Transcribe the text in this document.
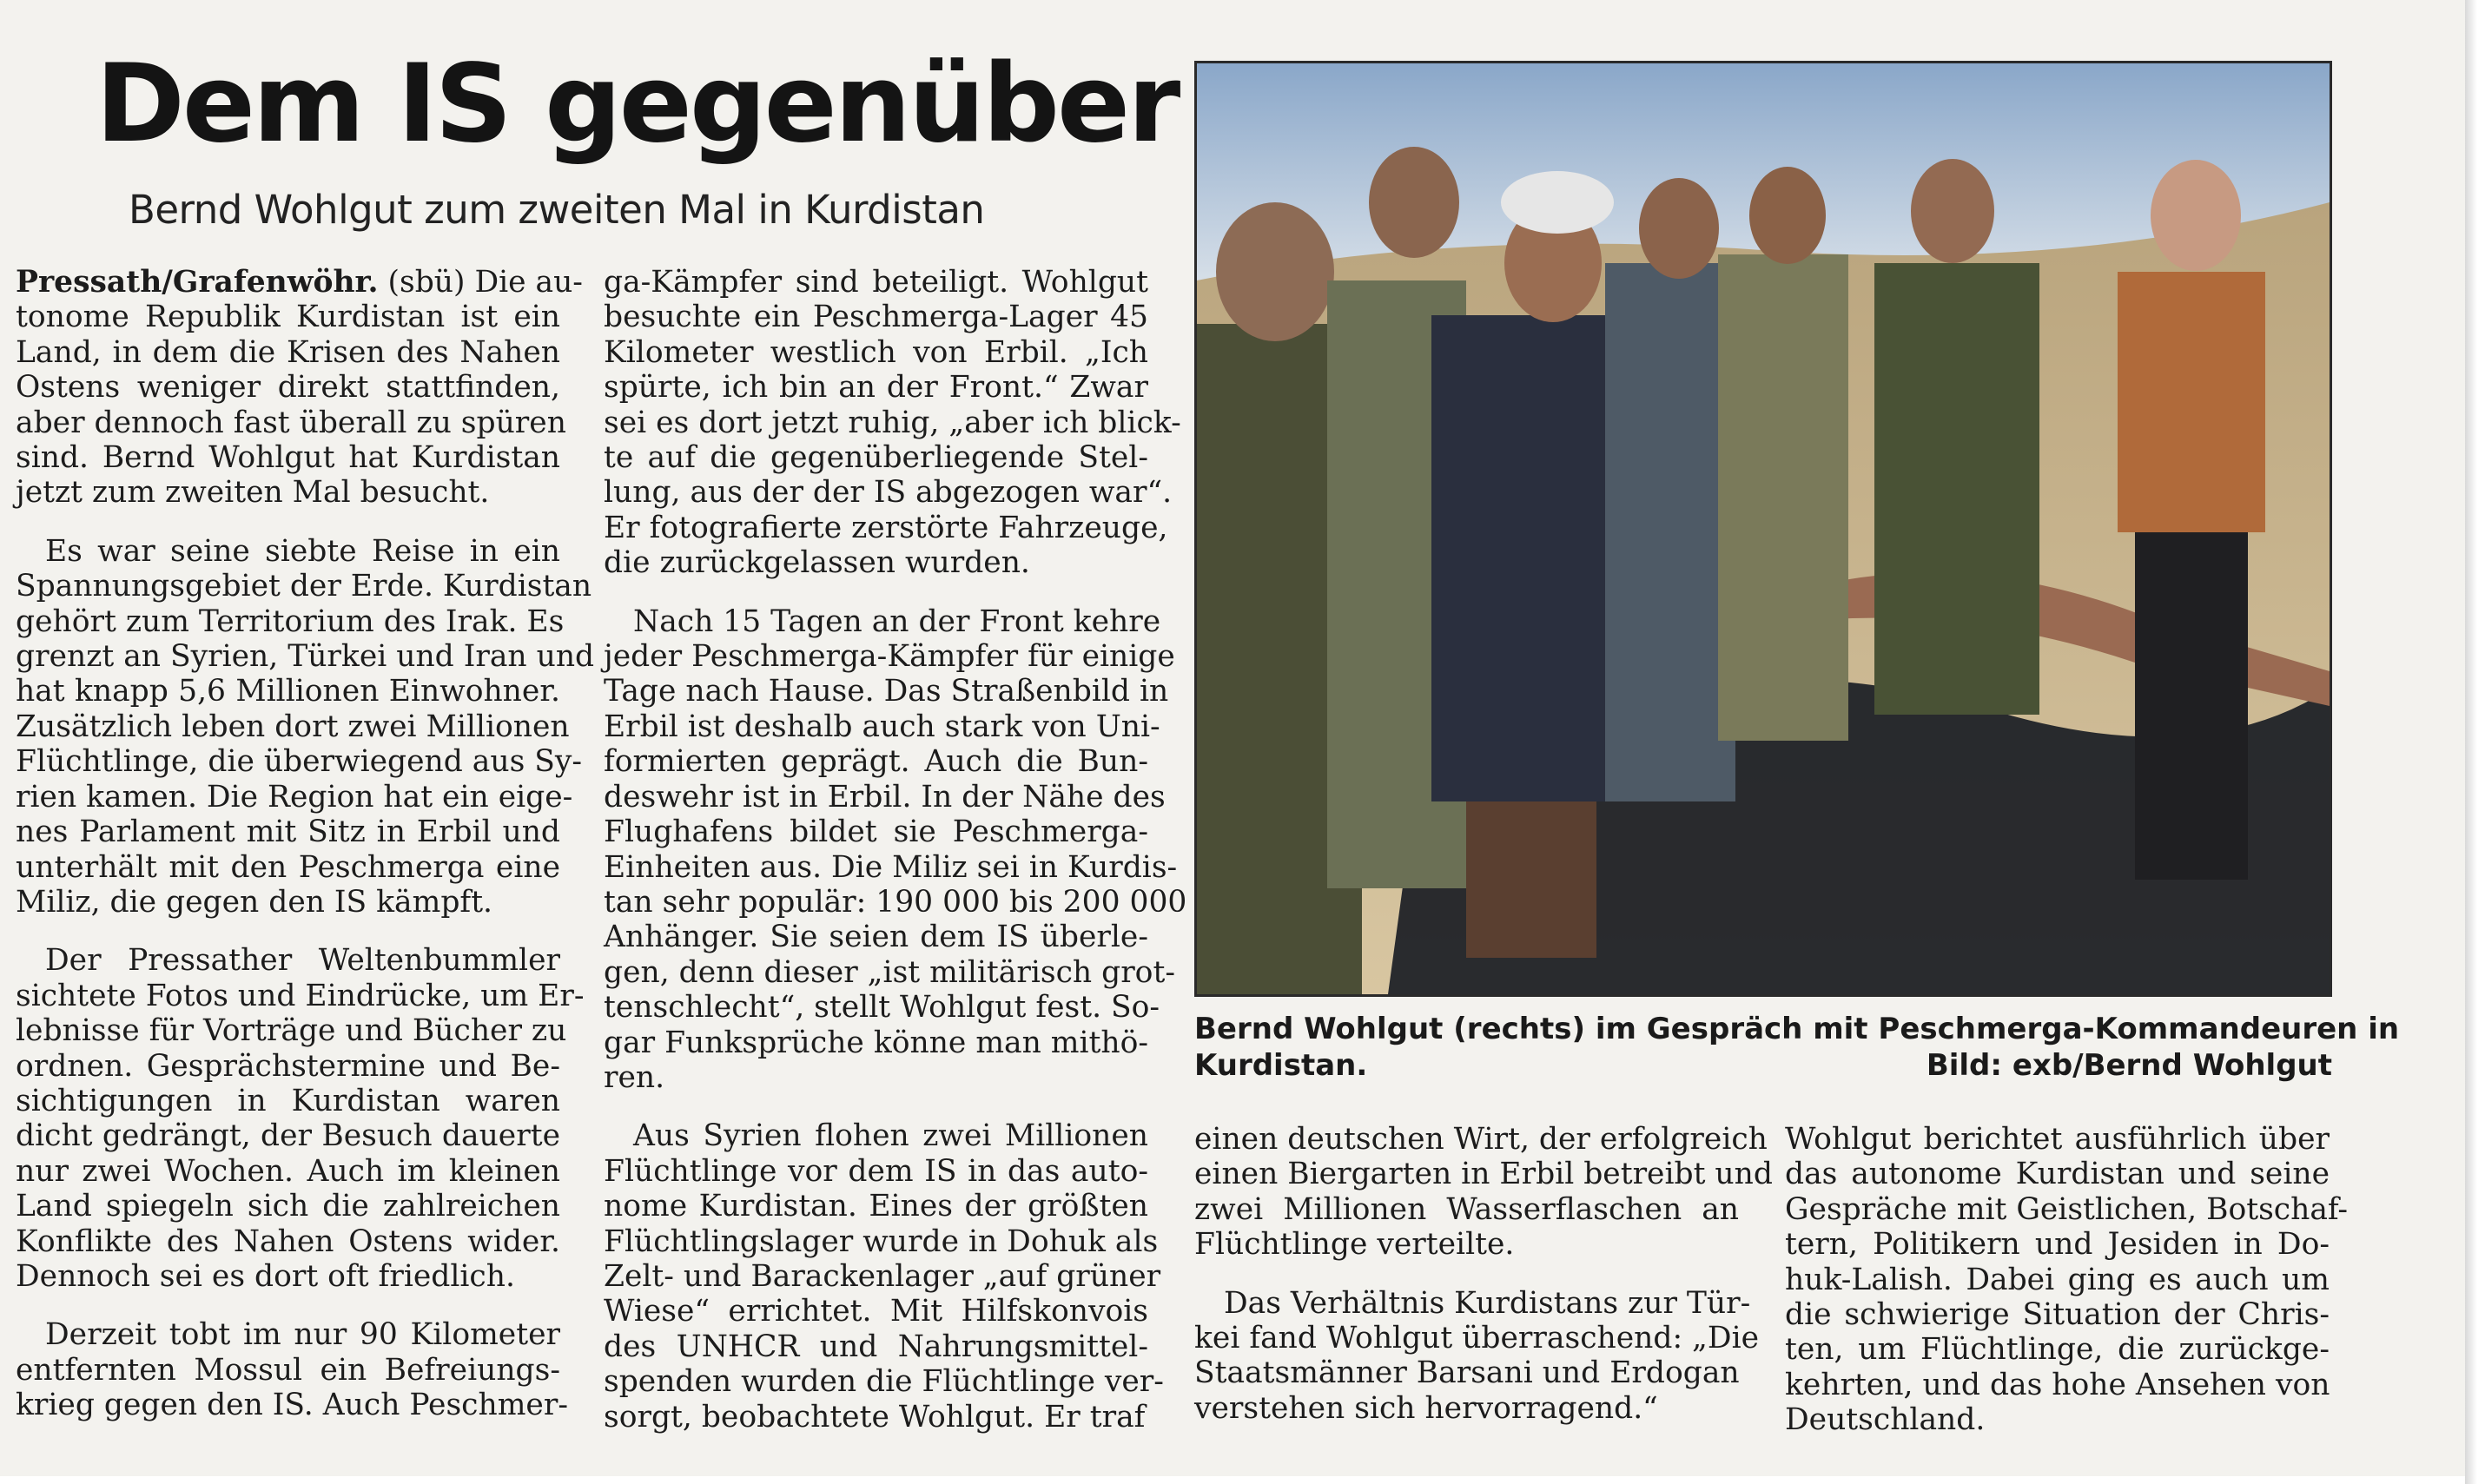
Dem IS gegenüber
Bernd Wohlgut zum zweiten Mal in Kurdistan
Pressath/Grafenwöhr. (sbü) Die au-
tonome Republik Kurdistan ist ein
Land, in dem die Krisen des Nahen
Ostens weniger direkt stattfinden,
aber dennoch fast überall zu spüren
sind. Bernd Wohlgut hat Kurdistan
jetzt zum zweiten Mal besucht.
Es war seine siebte Reise in ein
Spannungsgebiet der Erde. Kurdistan
gehört zum Territorium des Irak. Es
grenzt an Syrien, Türkei und Iran und
hat knapp 5,6 Millionen Einwohner.
Zusätzlich leben dort zwei Millionen
Flüchtlinge, die überwiegend aus Sy-
rien kamen. Die Region hat ein eige-
nes Parlament mit Sitz in Erbil und
unterhält mit den Peschmerga eine
Miliz, die gegen den IS kämpft.
Der Pressather Weltenbummler
sichtete Fotos und Eindrücke, um Er-
lebnisse für Vorträge und Bücher zu
ordnen. Gesprächstermine und Be-
sichtigungen in Kurdistan waren
dicht gedrängt, der Besuch dauerte
nur zwei Wochen. Auch im kleinen
Land spiegeln sich die zahlreichen
Konflikte des Nahen Ostens wider.
Dennoch sei es dort oft friedlich.
Derzeit tobt im nur 90 Kilometer
entfernten Mossul ein Befreiungs-
krieg gegen den IS. Auch Peschmer-
ga-Kämpfer sind beteiligt. Wohlgut
besuchte ein Peschmerga-Lager 45
Kilometer westlich von Erbil. „Ich
spürte, ich bin an der Front.“ Zwar
sei es dort jetzt ruhig, „aber ich blick-
te auf die gegenüberliegende Stel-
lung, aus der der IS abgezogen war“.
Er fotografierte zerstörte Fahrzeuge,
die zurückgelassen wurden.
Nach 15 Tagen an der Front kehre
jeder Peschmerga-Kämpfer für einige
Tage nach Hause. Das Straßenbild in
Erbil ist deshalb auch stark von Uni-
formierten geprägt. Auch die Bun-
deswehr ist in Erbil. In der Nähe des
Flughafens bildet sie Peschmerga-
Einheiten aus. Die Miliz sei in Kurdis-
tan sehr populär: 190 000 bis 200 000
Anhänger. Sie seien dem IS überle-
gen, denn dieser „ist militärisch grot-
tenschlecht“, stellt Wohlgut fest. So-
gar Funksprüche könne man mithö-
ren.
Aus Syrien flohen zwei Millionen
Flüchtlinge vor dem IS in das auto-
nome Kurdistan. Eines der größten
Flüchtlingslager wurde in Dohuk als
Zelt- und Barackenlager „auf grüner
Wiese“ errichtet. Mit Hilfskonvois
des UNHCR und Nahrungsmittel-
spenden wurden die Flüchtlinge ver-
sorgt, beobachtete Wohlgut. Er traf
Bernd Wohlgut (rechts) im Gespräch mit Peschmerga-Kommandeuren in
Kurdistan.	Bild: exb/Bernd Wohlgut
einen deutschen Wirt, der erfolgreich
einen Biergarten in Erbil betreibt und
zwei Millionen Wasserflaschen an
Flüchtlinge verteilte.
Das Verhältnis Kurdistans zur Tür-
kei fand Wohlgut überraschend: „Die
Staatsmänner Barsani und Erdogan
verstehen sich hervorragend.“
Wohlgut berichtet ausführlich über
das autonome Kurdistan und seine
Gespräche mit Geistlichen, Botschaf-
tern, Politikern und Jesiden in Do-
huk-Lalish. Dabei ging es auch um
die schwierige Situation der Chris-
ten, um Flüchtlinge, die zurückge-
kehrten, und das hohe Ansehen von
Deutschland.
